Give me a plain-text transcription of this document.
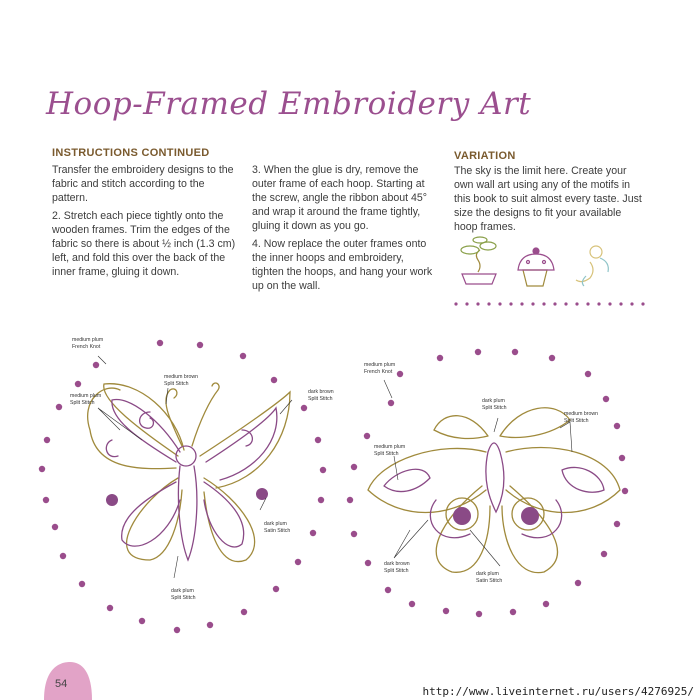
Hoop-Framed Embroidery Art
INSTRUCTIONS CONTINUED

Transfer the embroidery designs to the fabric and stitch according to the pattern.

2. Stretch each piece tightly onto the wooden frames. Trim the edges of the fabric so there is about ½ inch (1.3 cm) left, and fold this over the back of the inner frame, gluing it down.

3. When the glue is dry, remove the outer frame of each hoop. Starting at the screw, angle the ribbon about 45° and wrap it around the frame tightly, gluing it down as you go.

4. Now replace the outer frames onto the inner hoops and embroidery, tighten the hoops, and hang your work up on the wall.

VARIATION

The sky is the limit here. Create your own wall art using any of the motifs in this book to suit almost every taste. Just size the designs to fit your available hoop frames.

medium plum
French Knot
medium brown
Split Stitch
medium plum
Split Stitch
dark brown
Split Stitch
dark plum
Satin Stitch
dark plum
Split Stitch
medium plum
French Knot
dark plum
Split Stitch
medium brown
Split Stitch
medium plum
Split Stitch
dark brown
Split Stitch	dark plum
Satin Stitch
54
http://www.liveinternet.ru/users/4276925/
